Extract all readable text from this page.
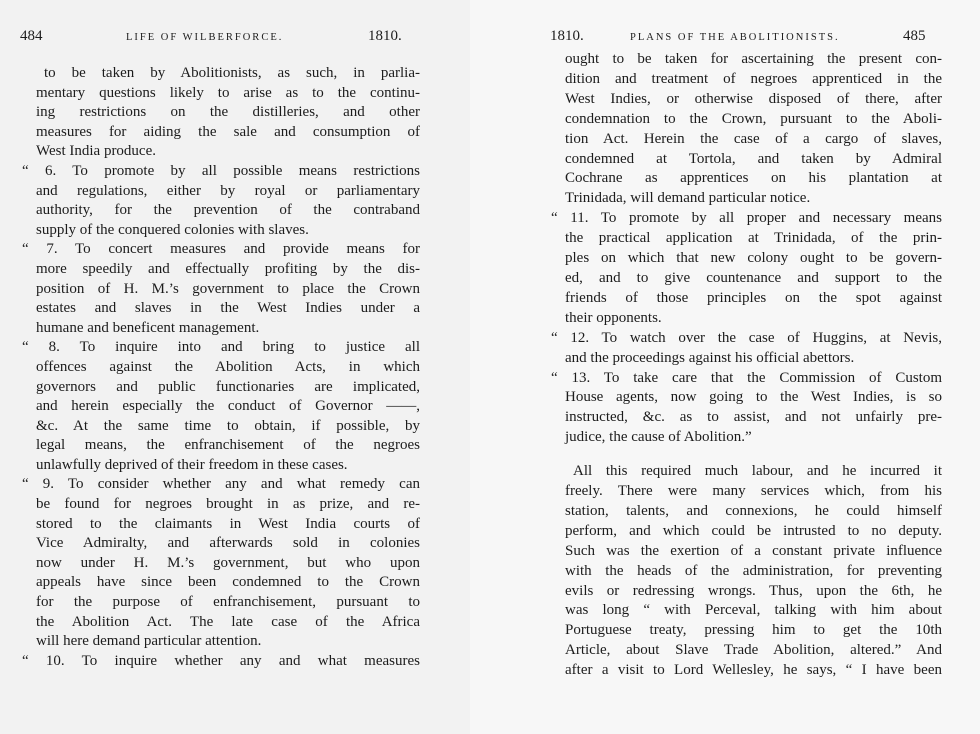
484	LIFE OF WILBERFORCE.	1810.
to be taken by Abolitionists, as such, in parlia-
mentary questions likely to arise as to the continu-
ing restrictions on the distilleries, and other
measures for aiding the sale and consumption of
West India produce.
“ 6. To promote by all possible means restrictions
and regulations, either by royal or parliamentary
authority, for the prevention of the contraband
supply of the conquered colonies with slaves.
“ 7. To concert measures and provide means for
more speedily and effectually profiting by the dis-
position of H. M.’s government to place the Crown
estates and slaves in the West Indies under a
humane and beneficent management.
“ 8. To inquire into and bring to justice all
offences against the Abolition Acts, in which
governors and public functionaries are implicated,
and herein especially the conduct of Governor ——,
&c. At the same time to obtain, if possible, by
legal means, the enfranchisement of the negroes
unlawfully deprived of their freedom in these cases.
“ 9. To consider whether any and what remedy can
be found for negroes brought in as prize, and re-
stored to the claimants in West India courts of
Vice Admiralty, and afterwards sold in colonies
now under H. M.’s government, but who upon
appeals have since been condemned to the Crown
for the purpose of enfranchisement, pursuant to
the Abolition Act. The late case of the Africa
will here demand particular attention.
“ 10. To inquire whether any and what measures
1810.	PLANS OF THE ABOLITIONISTS.	485
ought to be taken for ascertaining the present con-
dition and treatment of negroes apprenticed in the
West Indies, or otherwise disposed of there, after
condemnation to the Crown, pursuant to the Aboli-
tion Act. Herein the case of a cargo of slaves,
condemned at Tortola, and taken by Admiral
Cochrane as apprentices on his plantation at
Trinidada, will demand particular notice.
“ 11. To promote by all proper and necessary means
the practical application at Trinidada, of the prin-
ples on which that new colony ought to be govern-
ed, and to give countenance and support to the
friends of those principles on the spot against
their opponents.
“ 12. To watch over the case of Huggins, at Nevis,
and the proceedings against his official abettors.
“ 13. To take care that the Commission of Custom
House agents, now going to the West Indies, is so
instructed, &c. as to assist, and not unfairly pre-
judice, the cause of Abolition.”
All this required much labour, and he incurred it
freely. There were many services which, from his
station, talents, and connexions, he could himself
perform, and which could be intrusted to no deputy.
Such was the exertion of a constant private influence
with the heads of the administration, for preventing
evils or redressing wrongs. Thus, upon the 6th, he
was long “ with Perceval, talking with him about
Portuguese treaty, pressing him to get the 10th
Article, about Slave Trade Abolition, altered.” And
after a visit to Lord Wellesley, he says, “ I have been
